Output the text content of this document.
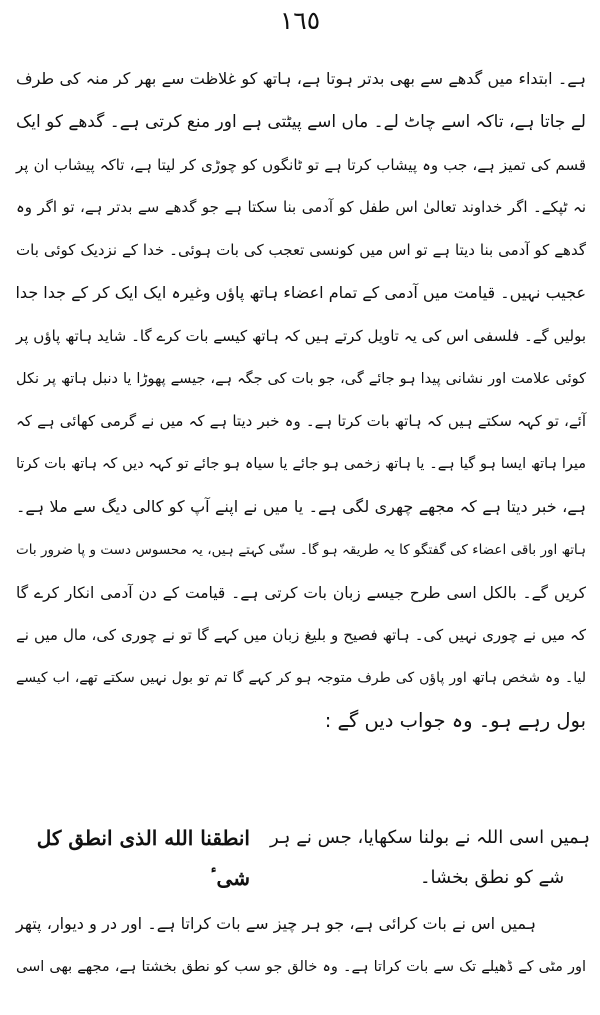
١٦٥
ہے۔ ابتداء میں گدھے سے بھی بدتر ہوتا ہے، ہاتھ کو غلاظت سے بھر کر منہ کی طرف
لے جاتا ہے، تاکہ اسے چاٹ لے۔ ماں اسے پیٹتی ہے اور منع کرتی ہے۔ گدھے کو ایک
قسم کی تمیز ہے، جب وہ پیشاب کرتا ہے تو ٹانگوں کو چوڑی کر لیتا ہے، تاکہ پیشاب ان پر
نہ ٹپکے۔ اگر خداوند تعالیٰ اس طفل کو آدمی بنا سکتا ہے جو گدھے سے بدتر ہے، تو اگر وہ
گدھے کو آدمی بنا دیتا ہے تو اس میں کونسی تعجب کی بات ہوئی۔ خدا کے نزدیک کوئی بات
عجیب نہیں۔ قیامت میں آدمی کے تمام اعضاء ہاتھ پاؤں وغیرہ ایک ایک کر کے جدا جدا
بولیں گے۔ فلسفی اس کی یہ تاویل کرتے ہیں کہ ہاتھ کیسے بات کرے گا۔ شاید ہاتھ پاؤں پر
کوئی علامت اور نشانی پیدا ہو جائے گی، جو بات کی جگہ ہے، جیسے پھوڑا یا دنبل ہاتھ پر نکل
آئے، تو کہہ سکتے ہیں کہ ہاتھ بات کرتا ہے۔ وہ خبر دیتا ہے کہ میں نے گرمی کھائی ہے کہ
میرا ہاتھ ایسا ہو گیا ہے۔ یا ہاتھ زخمی ہو جائے یا سیاہ ہو جائے تو کہہ دیں کہ ہاتھ بات کرتا
ہے، خبر دیتا ہے کہ مجھے چھری لگی ہے۔ یا میں نے اپنے آپ کو کالی دیگ سے ملا ہے۔
ہاتھ اور باقی اعضاء کی گفتگو کا یہ طریقہ ہو گا۔ سنّی کہتے ہیں، یہ محسوس دست و پا ضرور بات
کریں گے۔ بالکل اسی طرح جیسے زبان بات کرتی ہے۔ قیامت کے دن آدمی انکار کرے گا
کہ میں نے چوری نہیں کی۔ ہاتھ فصیح و بلیغ زبان میں کہے گا تو نے چوری کی، مال میں نے
لیا۔ وہ شخص ہاتھ اور پاؤں کی طرف متوجہ ہو کر کہے گا تم تو بول نہیں سکتے تھے، اب کیسے
بول رہے ہو۔ وہ جواب دیں گے :
انطقنا الله الذی انطق کل شیٴ
ہمیں اسی اللہ نے بولنا سکھایا، جس نے ہر
شے کو نطق بخشا۔
ہمیں اس نے بات کرائی ہے، جو ہر چیز سے بات کراتا ہے۔ اور در و دیوار، پتھر
اور مٹی کے ڈھیلے تک سے بات کراتا ہے۔ وہ خالق جو سب کو نطق بخشتا ہے، مجھے بھی اسی
